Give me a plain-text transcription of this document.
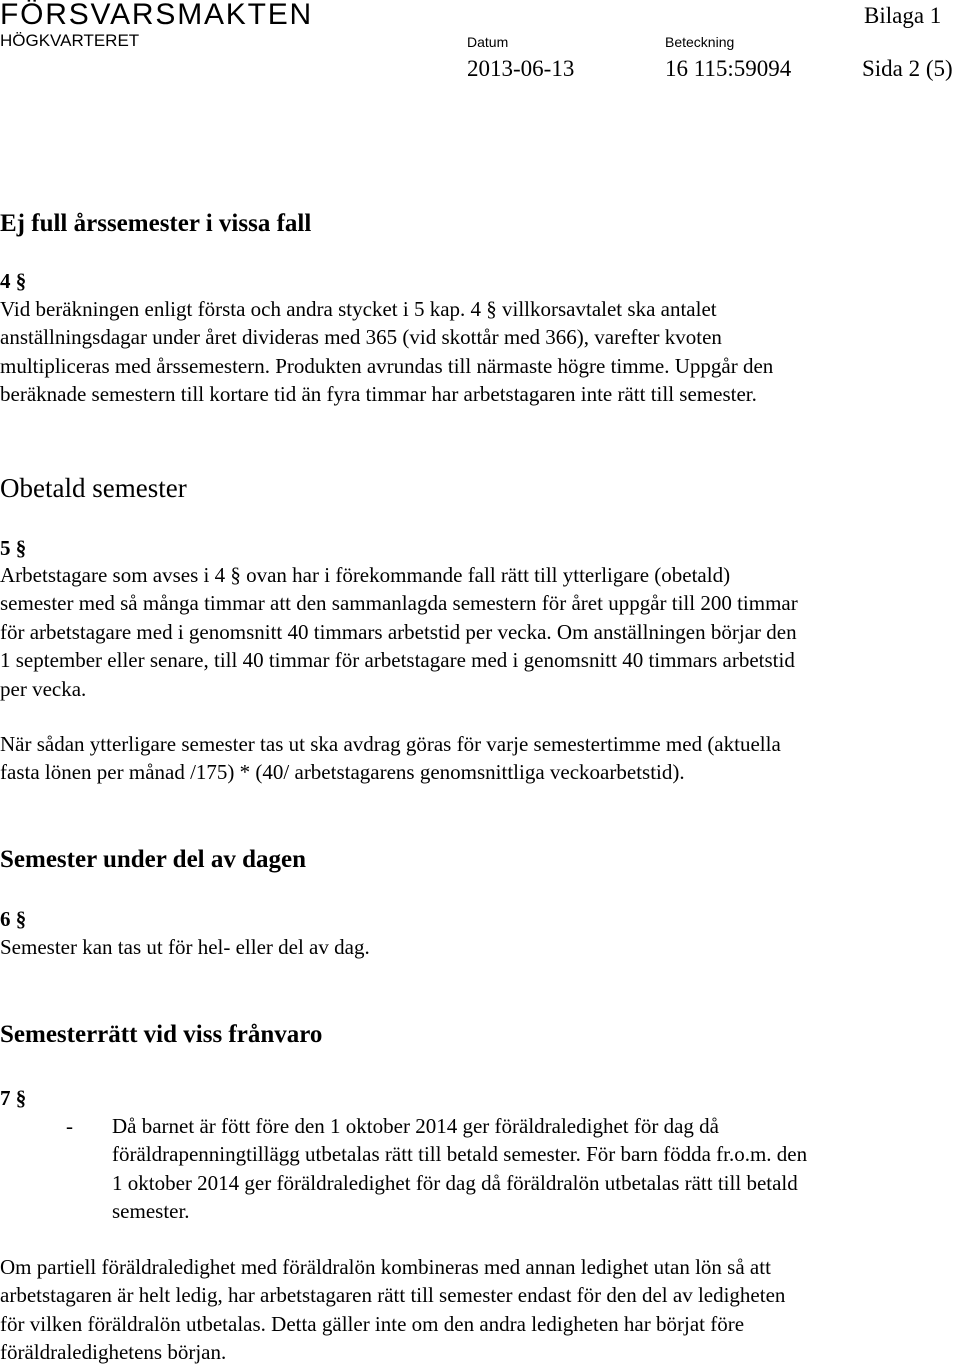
FÖRSVARSMAKTEN
HÖGKVARTERET	Datum
2013-06-13
Beteckning
16 115:59094
Bilaga 1
Sida 2 (5)
Ej full årssemester i vissa fall
4 §

Vid beräkningen enligt första och andra stycket i 5 kap. 4 § villkorsavtalet ska antalet anställningsdagar under året divideras med 365 (vid skottår med 366), varefter kvoten multipliceras med årssemestern. Produkten avrundas till närmaste högre timme. Uppgår den beräknade semestern till kortare tid än fyra timmar har arbetstagaren inte rätt till semester.

Obetald semester
5 §

Arbetstagare som avses i 4 § ovan har i förekommande fall rätt till ytterligare (obetald) semester med så många timmar att den sammanlagda semestern för året uppgår till 200 timmar för arbetstagare med i genomsnitt 40 timmars arbetstid per vecka. Om anställningen börjar den 1 september eller senare, till 40 timmar för arbetstagare med i genomsnitt 40 timmars arbetstid per vecka.

När sådan ytterligare semester tas ut ska avdrag göras för varje semestertimme med (aktuella fasta lönen per månad /175) * (40/ arbetstagarens genomsnittliga veckoarbetstid).

Semester under del av dagen
6 §

Semester kan tas ut för hel- eller del av dag.

Semesterrätt vid viss frånvaro
7 §
- Då barnet är fött före den 1 oktober 2014 ger föräldraledighet för dag då föräldrapenningtillägg utbetalas rätt till betald semester. För barn födda fr.o.m. den 1 oktober 2014 ger föräldraledighet för dag då föräldralön utbetalas rätt till betald semester.

Om partiell föräldraledighet med föräldralön kombineras med annan ledighet utan lön så att arbetstagaren är helt ledig, har arbetstagaren rätt till semester endast för den del av ledigheten för vilken föräldralön utbetalas. Detta gäller inte om den andra ledigheten har börjat före föräldraledighetens början.
